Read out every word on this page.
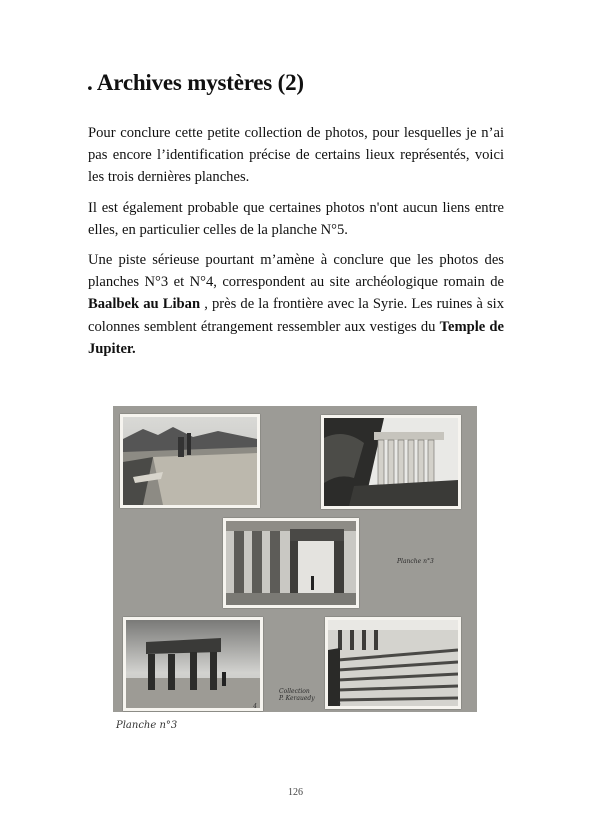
. Archives mystères (2)

Pour conclure cette petite collection de photos, pour lesquelles je n’ai pas encore l’identification précise de certains lieux représentés, voici les trois dernières planches.

Il est également probable que certaines photos n'ont aucun liens entre elles, en particulier celles de la planche N°5.

Une piste sérieuse pourtant m’amène à conclure que les photos des planches N°3 et N°4, correspondent au site archéologique romain de Baalbek au Liban , près de la frontière avec la Syrie. Les ruines à six colonnes semblent étrangement ressembler aux vestiges du Temple de Jupiter.

Planche n°3
4	5
Collection
P. Kerauedy
Planche n°3
126
